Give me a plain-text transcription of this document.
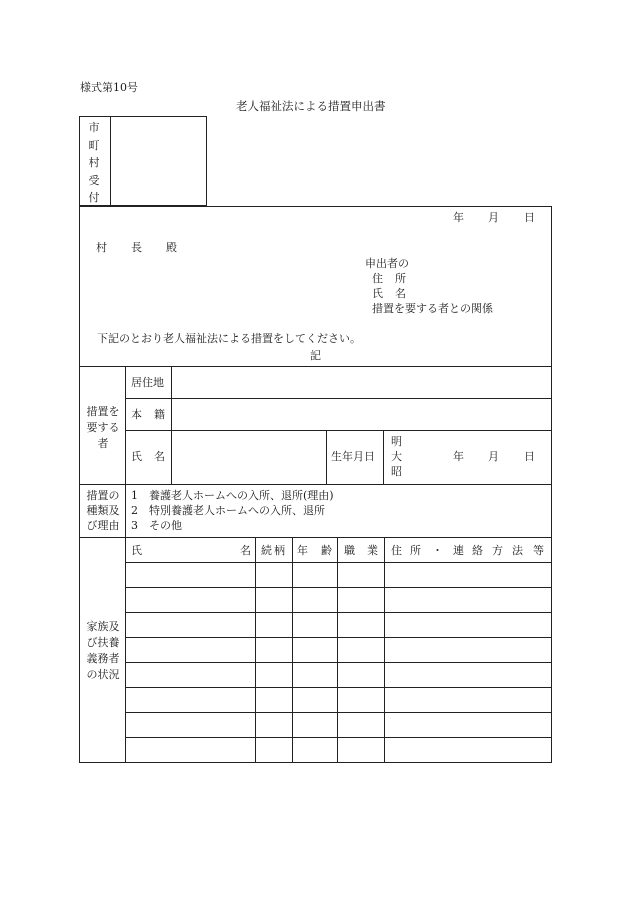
様式第10号
老人福祉法による措置申出書
市
町
村
受
付
年 月 日
村 長 殿
申出者の
住 所
氏 名
措置を要する者との関係
下記のとおり老人福祉法による措置をしてください。
記
措置を
要する
者
居住地
本 籍
氏 名	生年月日
明
大
昭
年 月 日
措置の
種類及
び理由
1 養護老人ホームへの入所、退所(理由)
2 特別養護老人ホームへの入所、退所
3 その他
家族及
び扶養
義務者
の状況
氏	名 続柄 年 齢 職 業 住 所 ・ 連 絡 方 法 等
